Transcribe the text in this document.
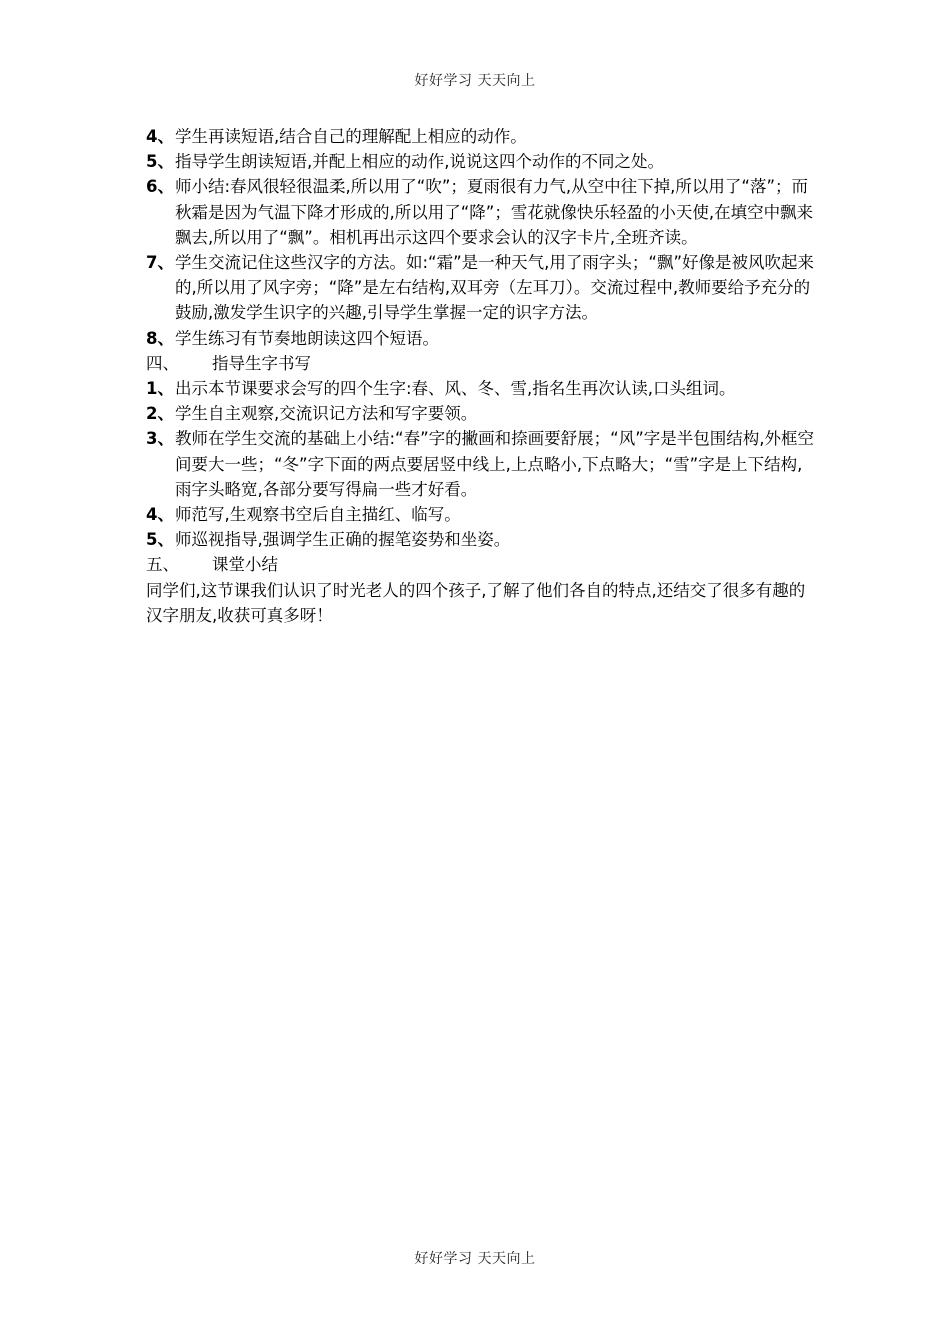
好好学习 天天向上
4、 学生再读短语,结合自己的理解配上相应的动作。
5、 指导学生朗读短语,并配上相应的动作,说说这四个动作的不同之处。
6、 师小结:春风很轻很温柔,所以用了“吹”；夏雨很有力气,从空中往下掉,所以用了“落”；而秋霜是因为气温下降才形成的,所以用了“降”；雪花就像快乐轻盈的小天使,在填空中飘来飘去,所以用了“飘”。相机再出示这四个要求会认的汉字卡片,全班齐读。
7、 学生交流记住这些汉字的方法。如:“霜”是一种天气,用了雨字头；“飘”好像是被风吹起来的,所以用了风字旁；“降”是左右结构,双耳旁（左耳刀）。交流过程中,教师要给予充分的鼓励,激发学生识字的兴趣,引导学生掌握一定的识字方法。
8、 学生练习有节奏地朗读这四个短语。
四、 指导生字书写
1、 出示本节课要求会写的四个生字:春、风、冬、雪,指名生再次认读,口头组词。
2、 学生自主观察,交流识记方法和写字要领。
3、 教师在学生交流的基础上小结:“春”字的撇画和捺画要舒展；“风”字是半包围结构,外框空间要大一些；“冬”字下面的两点要居竖中线上,上点略小,下点略大；“雪”字是上下结构,雨字头略宽,各部分要写得扁一些才好看。
4、 师范写,生观察书空后自主描红、临写。
5、 师巡视指导,强调学生正确的握笔姿势和坐姿。
五、 课堂小结
同学们,这节课我们认识了时光老人的四个孩子,了解了他们各自的特点,还结交了很多有趣的汉字朋友,收获可真多呀！
好好学习 天天向上
